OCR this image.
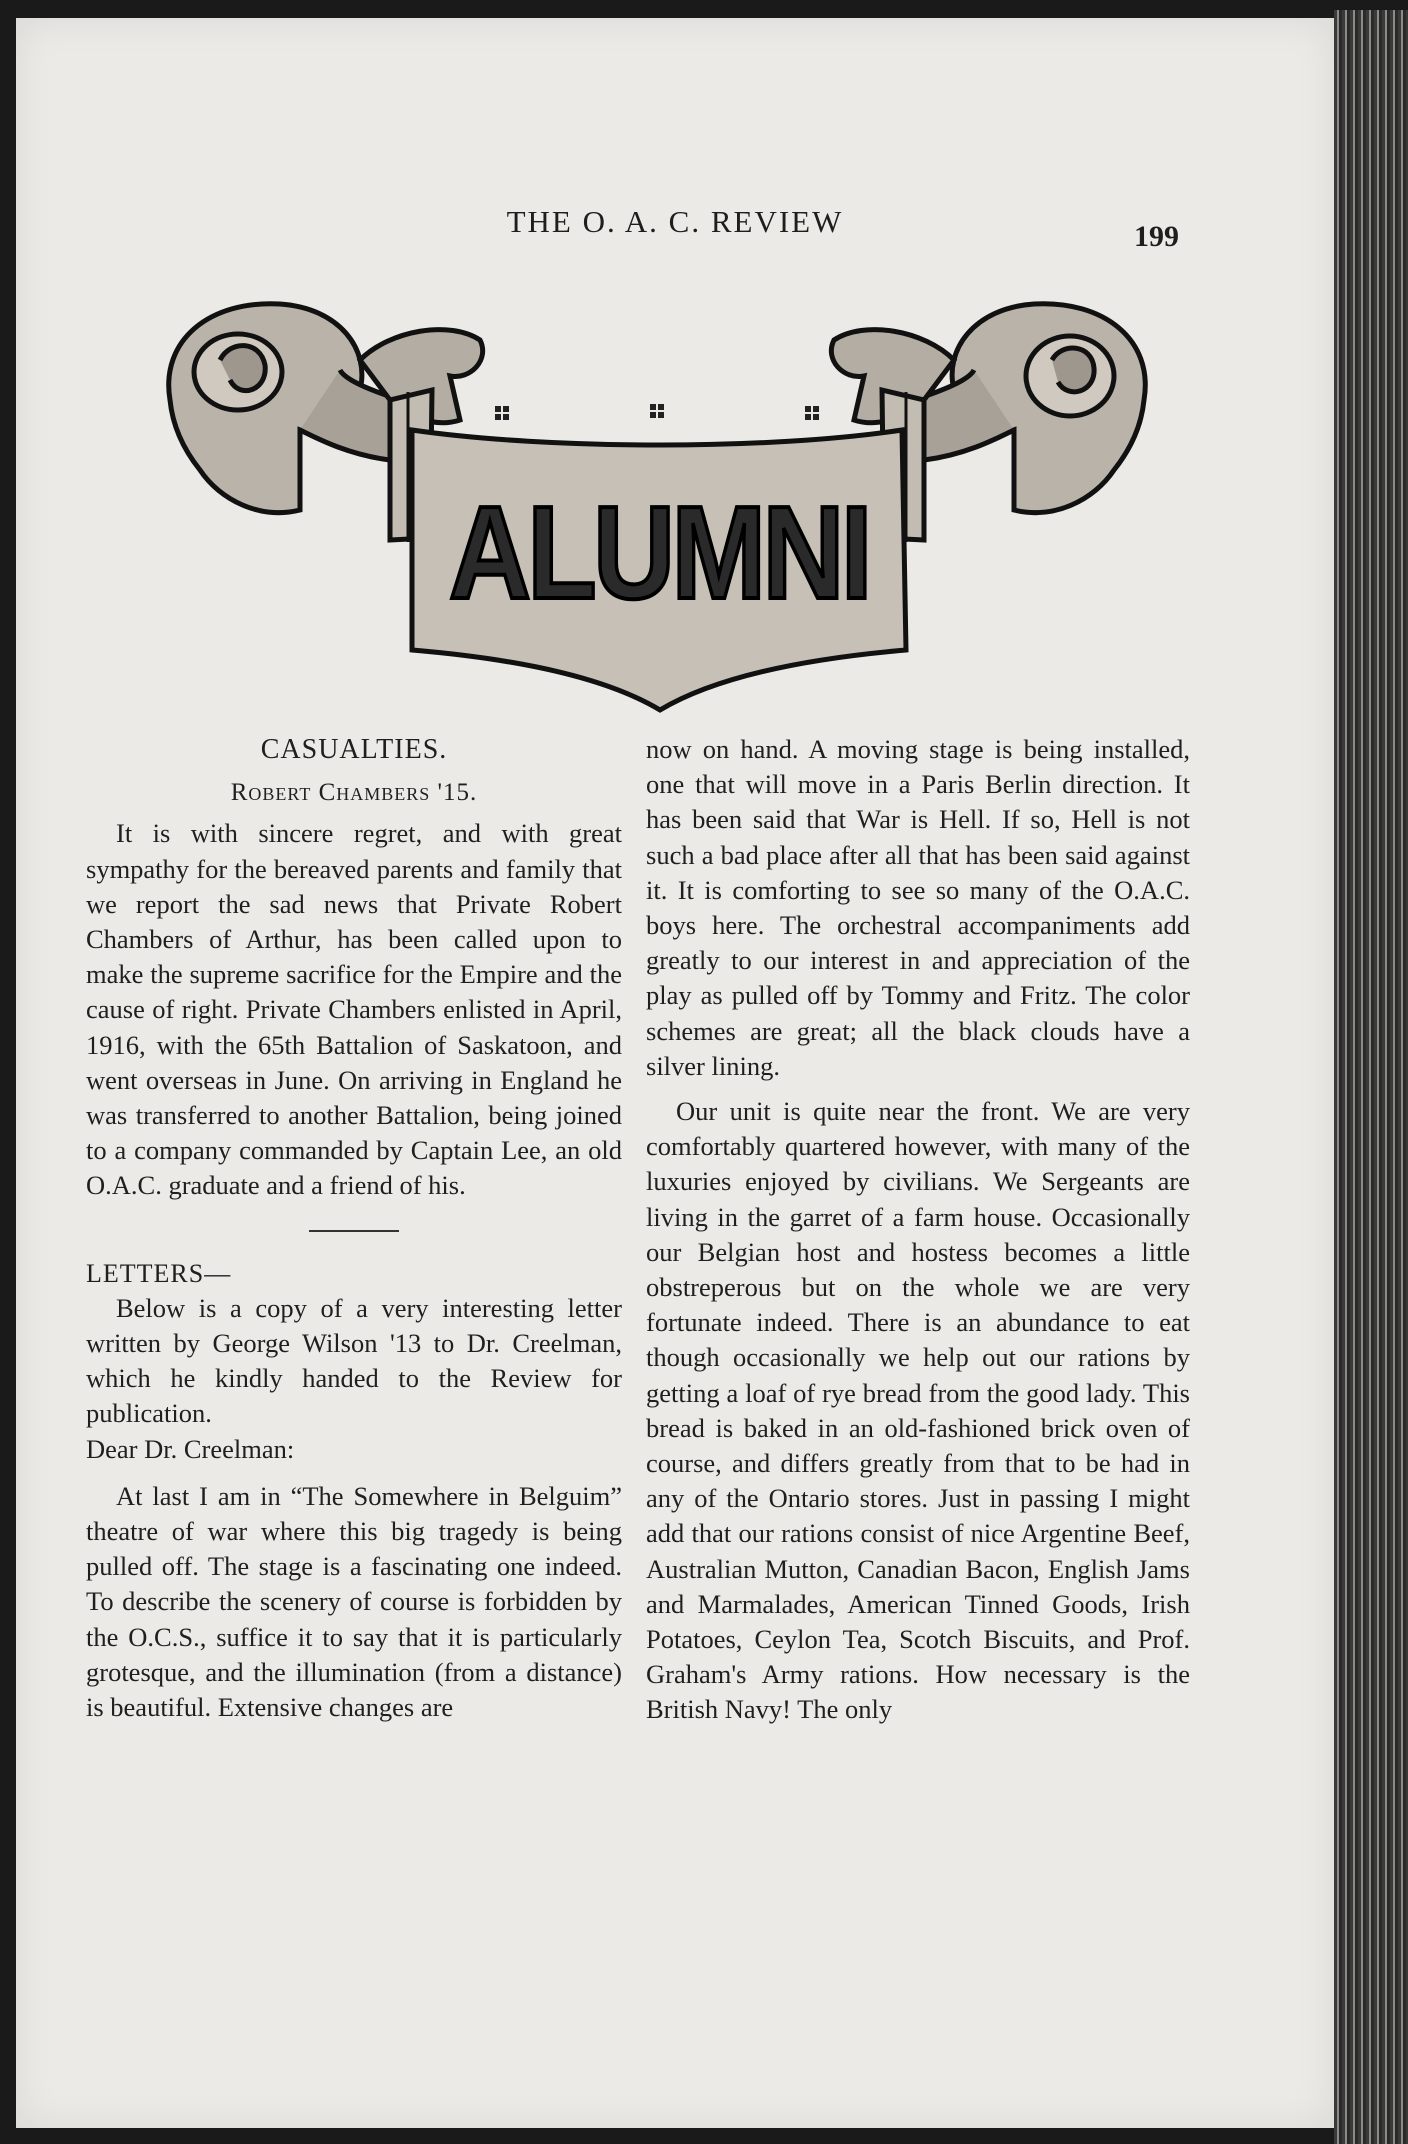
THE O. A. C. REVIEW	199
ALUMNI
CASUALTIES.
Robert Chambers '15.

It is with sincere regret, and with great sympathy for the bereaved parents and family that we report the sad news that Private Robert Chambers of Arthur, has been called upon to make the supreme sacrifice for the Empire and the cause of right. Private Chambers enlisted in April, 1916, with the 65th Battalion of Saskatoon, and went overseas in June. On arriving in England he was transferred to another Battalion, being joined to a company commanded by Captain Lee, an old O.A.C. graduate and a friend of his.

LETTERS—

Below is a copy of a very interesting letter written by George Wilson '13 to Dr. Creelman, which he kindly handed to the Review for publication.

Dear Dr. Creelman:

At last I am in “The Somewhere in Belguim” theatre of war where this big tragedy is being pulled off. The stage is a fascinating one indeed. To describe the scenery of course is forbidden by the O.C.S., suffice it to say that it is particularly grotesque, and the illumination (from a distance) is beautiful. Extensive changes are

now on hand. A moving stage is being installed, one that will move in a Paris Berlin direction. It has been said that War is Hell. If so, Hell is not such a bad place after all that has been said against it. It is comforting to see so many of the O.A.C. boys here. The orchestral accompaniments add greatly to our interest in and appreciation of the play as pulled off by Tommy and Fritz. The color schemes are great; all the black clouds have a silver lining.

Our unit is quite near the front. We are very comfortably quartered however, with many of the luxuries enjoyed by civilians. We Sergeants are living in the garret of a farm house. Occasionally our Belgian host and hostess becomes a little obstreperous but on the whole we are very fortunate indeed. There is an abundance to eat though occasionally we help out our rations by getting a loaf of rye bread from the good lady. This bread is baked in an old-fashioned brick oven of course, and differs greatly from that to be had in any of the Ontario stores. Just in passing I might add that our rations consist of nice Argentine Beef, Australian Mutton, Canadian Bacon, English Jams and Marmalades, American Tinned Goods, Irish Potatoes, Ceylon Tea, Scotch Biscuits, and Prof. Graham's Army rations. How necessary is the British Navy! The only
